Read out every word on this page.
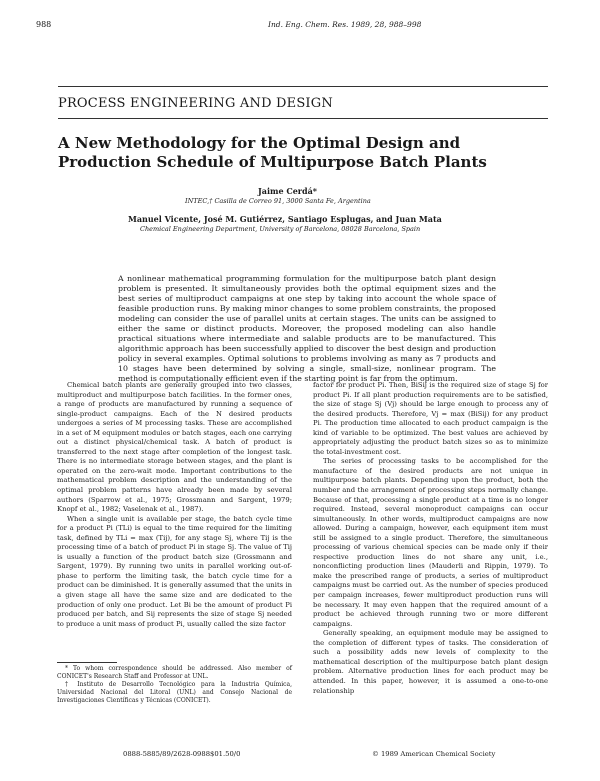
988	Ind. Eng. Chem. Res. 1989, 28, 988–998
PROCESS ENGINEERING AND DESIGN
A New Methodology for the Optimal Design and Production Schedule of Multipurpose Batch Plants
Jaime Cerdá*
INTEC,† Casilla de Correo 91, 3000 Santa Fe, Argentina
Manuel Vicente, José M. Gutiérrez, Santiago Esplugas, and Juan Mata
Chemical Engineering Department, University of Barcelona, 08028 Barcelona, Spain
A nonlinear mathematical programming formulation for the multipurpose batch plant design problem is presented. It simultaneously provides both the optimal equipment sizes and the best series of multiproduct campaigns at one step by taking into account the whole space of feasible production runs. By making minor changes to some problem constraints, the proposed modeling can consider the use of parallel units at certain stages. The units can be assigned to either the same or distinct products. Moreover, the proposed modeling can also handle practical situations where intermediate and salable products are to be manufactured. This algorithmic approach has been successfully applied to discover the best design and production policy in several examples. Optimal solutions to problems involving as many as 7 products and 10 stages have been determined by solving a single, small-size, nonlinear program. The method is computationally efficient even if the starting point is far from the optimum.

Chemical batch plants are generally grouped into two classes, multiproduct and multipurpose batch facilities. In the former ones, a range of products are manufactured by running a sequence of single-product campaigns. Each of the N desired products undergoes a series of M processing tasks. These are accomplished in a set of M equipment modules or batch stages, each one carrying out a distinct physical/chemical task. A batch of product is transferred to the next stage after completion of the longest task. There is no intermediate storage between stages, and the plant is operated on the zero-wait mode. Important contributions to the mathematical problem description and the understanding of the optimal problem patterns have already been made by several authors (Sparrow et al., 1975; Grossmann and Sargent, 1979; Knopf et al., 1982; Vaselenak et al., 1987).

When a single unit is available per stage, the batch cycle time for a product Pi (TLi) is equal to the time required for the limiting task, defined by TLi = max (Tij), for any stage Sj, where Tij is the processing time of a batch of product Pi in stage Sj. The value of Tij is usually a function of the product batch size (Grossmann and Sargent, 1979). By running two units in parallel working out-of-phase to perform the limiting task, the batch cycle time for a product can be diminished. It is generally assumed that the units in a given stage all have the same size and are dedicated to the production of only one product. Let Bi be the amount of product Pi produced per batch, and Sij represents the size of stage Sj needed to produce a unit mass of product Pi, usually called the size factor

factor for product Pi. Then, BiSij is the required size of stage Sj for product Pi. If all plant production requirements are to be satisfied, the size of stage Sj (Vj) should be large enough to process any of the desired products. Therefore, Vj = max (BiSij) for any product Pi. The production time allocated to each product campaign is the kind of variable to be optimized. The best values are achieved by appropriately adjusting the product batch sizes so as to minimize the total-investment cost.

The series of processing tasks to be accomplished for the manufacture of the desired products are not unique in multipurpose batch plants. Depending upon the product, both the number and the arrangement of processing steps normally change. Because of that, processing a single product at a time is no longer required. Instead, several monoproduct campaigns can occur simultaneously. In other words, multiproduct campaigns are now allowed. During a campaign, however, each equipment item must still be assigned to a single product. Therefore, the simultaneous processing of various chemical species can be made only if their respective production lines do not share any unit, i.e., nonconflicting production lines (Mauderli and Rippin, 1979). To make the prescribed range of products, a series of multiproduct campaigns must be carried out. As the number of species produced per campaign increases, fewer multiproduct production runs will be necessary. It may even happen that the required amount of a product be achieved through running two or more different campaigns.

Generally speaking, an equipment module may be assigned to the completion of different types of tasks. The consideration of such a possibility adds new levels of complexity to the mathematical description of the multipurpose batch plant design problem. Alternative production lines for each product may be attended. In this paper, however, it is assumed a one-to-one relationship

* To whom correspondence should be addressed. Also member of CONICET's Research Staff and Professor at UNL.

† Instituto de Desarrollo Tecnológico para la Industria Química, Universidad Nacional del Litoral (UNL) and Consejo Nacional de Investigaciones Científicas y Técnicas (CONICET).

0888-5885/89/2628-0988$01.50/0	© 1989 American Chemical Society
